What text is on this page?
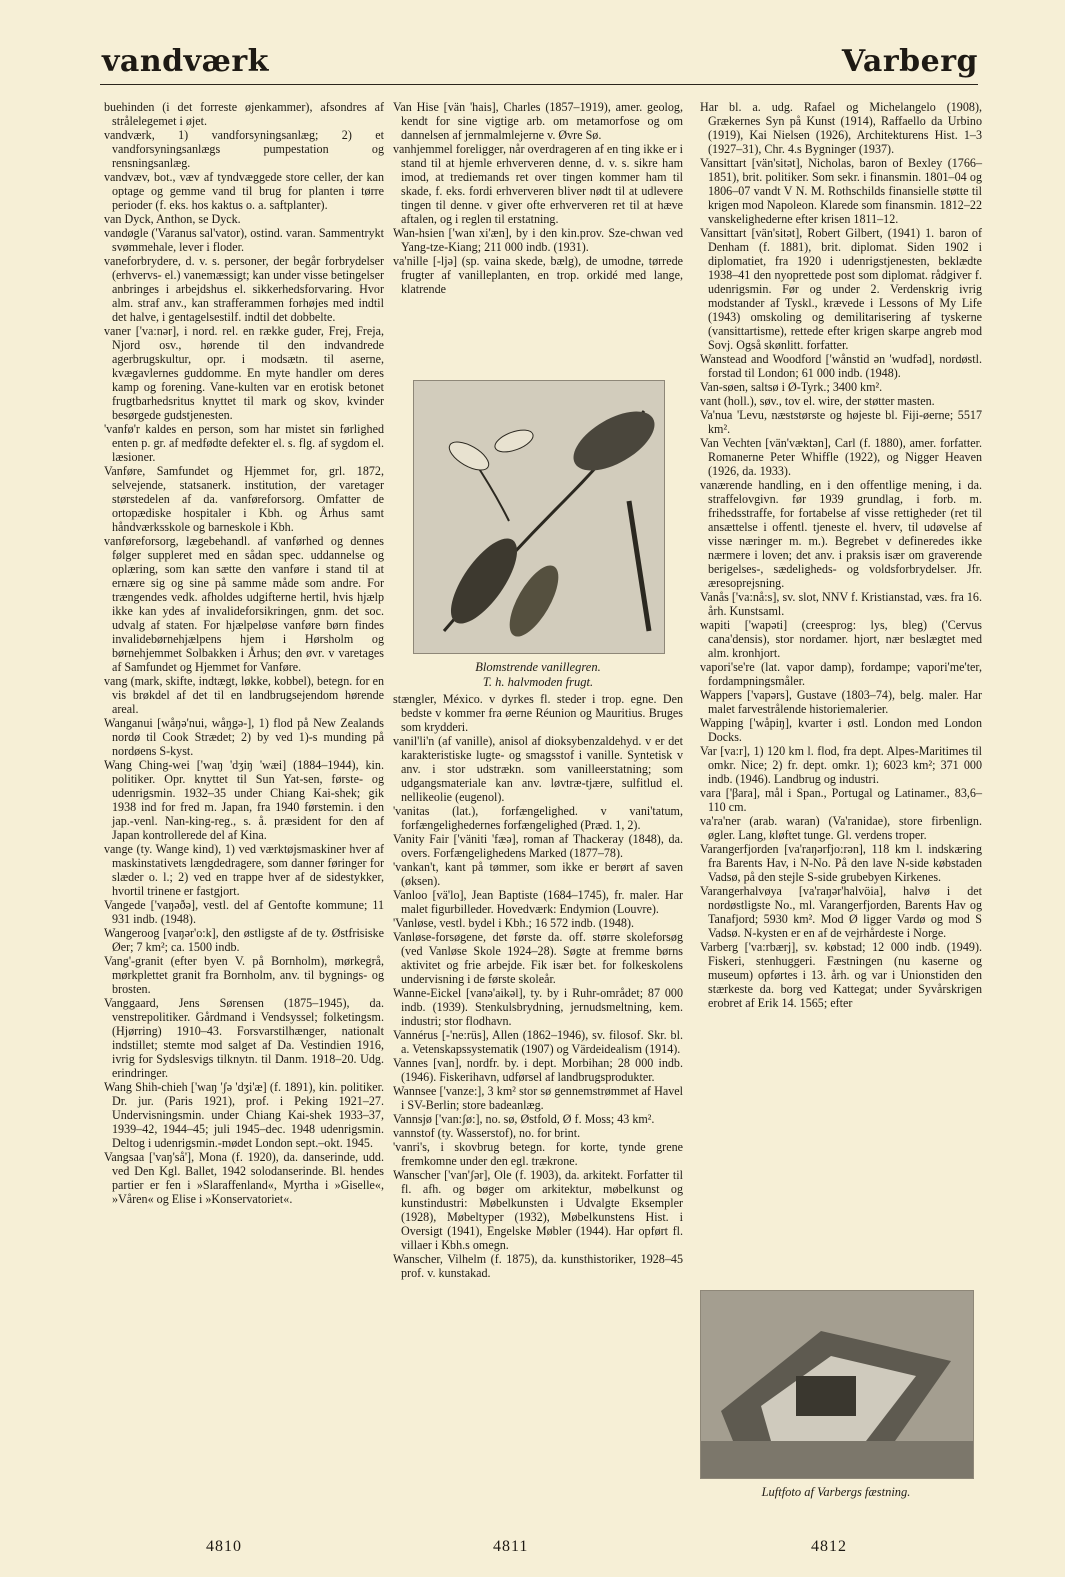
vandværk	Varberg

buehinden (i det forreste øjenkammer), afsondres af strålelegemet i øjet.

vandværk, 1) vandforsyningsanlæg; 2) et vandforsyningsanlægs pumpestation og rensningsanlæg.

vandvæv, bot., væv af tyndvæggede store celler, der kan optage og gemme vand til brug for planten i tørre perioder (f. eks. hos kaktus o. a. saftplanter).

van Dyck, Anthon, se Dyck.

vandøgle ('Varanus sal'vator), ostind. varan. Sammentrykt svømmehale, lever i floder.

vaneforbrydere, d. v. s. personer, der begår forbrydelser (erhvervs- el.) vanemæssigt; kan under visse betingelser anbringes i arbejdshus el. sikkerhedsforvaring. Hvor alm. straf anv., kan strafferammen forhøjes med indtil det halve, i gentagelsestilf. indtil det dobbelte.

vaner ['va:nər], i nord. rel. en række guder, Frej, Freja, Njord osv., hørende til den indvandrede agerbrugskultur, opr. i modsætn. til aserne, kvægavlernes guddomme. En myte handler om deres kamp og forening. Vane-kulten var en erotisk betonet frugtbarhedsritus knyttet til mark og skov, kvinder besørgede gudstjenesten.

'vanfø'r kaldes en person, som har mistet sin førlighed enten p. gr. af medfødte defekter el. s. flg. af sygdom el. læsioner.

Vanføre, Samfundet og Hjemmet for, grl. 1872, selvejende, statsanerk. institution, der varetager størstedelen af da. vanføreforsorg. Omfatter de ortopædiske hospitaler i Kbh. og Århus samt håndværksskole og barneskole i Kbh.

vanføreforsorg, lægebehandl. af vanførhed og dennes følger suppleret med en sådan spec. uddannelse og oplæring, som kan sætte den vanføre i stand til at ernære sig og sine på samme måde som andre. For trængendes vedk. afholdes udgifterne hertil, hvis hjælp ikke kan ydes af invalideforsikringen, gnm. det soc. udvalg af staten. For hjælpeløse vanføre børn findes invalidebørnehjælpens hjem i Hørsholm og børnehjemmet Solbakken i Århus; den øvr. v varetages af Samfundet og Hjemmet for Vanføre.

vang (mark, skifte, indtægt, løkke, kobbel), betegn. for en vis brøkdel af det til en landbrugsejendom hørende areal.

Wanganui [wåŋə'nui, wåŋgə-], 1) flod på New Zealands nordø til Cook Strædet; 2) by ved 1)-s munding på nordøens S-kyst.

Wang Ching-wei ['waŋ 'dʒiŋ 'wæi] (1884–1944), kin. politiker. Opr. knyttet til Sun Yat-sen, første- og udenrigsmin. 1932–35 under Chiang Kai-shek; gik 1938 ind for fred m. Japan, fra 1940 førstemin. i den jap.-venl. Nan-king-reg., s. å. præsident for den af Japan kontrollerede del af Kina.

vange (ty. Wange kind), 1) ved værktøjsmaskiner hver af maskinstativets længdedragere, som danner føringer for slæder o. l.; 2) ved en trappe hver af de sidestykker, hvortil trinene er fastgjort.

Vangede ['vaŋəðə], vestl. del af Gentofte kommune; 11 931 indb. (1948).

Wangeroog [vaŋər'o:k], den østligste af de ty. Østfrisiske Øer; 7 km²; ca. 1500 indb.

Vang'-granit (efter byen V. på Bornholm), mørkegrå, mørkplettet granit fra Bornholm, anv. til bygnings- og brosten.

Vanggaard, Jens Sørensen (1875–1945), da. venstrepolitiker. Gårdmand i Vendsyssel; folketingsm. (Hjørring) 1910–43. Forsvarstilhænger, nationalt indstillet; stemte mod salget af Da. Vestindien 1916, ivrig for Sydslesvigs tilknytn. til Danm. 1918–20. Udg. erindringer.

Wang Shih-chieh ['waŋ 'ʃə 'dʒi'æ] (f. 1891), kin. politiker. Dr. jur. (Paris 1921), prof. i Peking 1921–27. Undervisningsmin. under Chiang Kai-shek 1933–37, 1939–42, 1944–45; juli 1945–dec. 1948 udenrigsmin. Deltog i udenrigsmin.-mødet London sept.–okt. 1945.

Vangsaa ['vaŋ'så'], Mona (f. 1920), da. danserinde, udd. ved Den Kgl. Ballet, 1942 solodanserinde. Bl. hendes partier er fen i »Slaraffenland«, Myrtha i »Giselle«, »Våren« og Elise i »Konservatoriet«.

Van Hise [vän 'hais], Charles (1857–1919), amer. geolog, kendt for sine vigtige arb. om metamorfose og om dannelsen af jernmalmlejerne v. Øvre Sø.

vanhjemmel foreligger, når overdrageren af en ting ikke er i stand til at hjemle erhververen denne, d. v. s. sikre ham imod, at trediemands ret over tingen kommer ham til skade, f. eks. fordi erhververen bliver nødt til at udlevere tingen til denne. v giver ofte erhververen ret til at hæve aftalen, og i reglen til erstatning.

Wan-hsien ['wan xi'æn], by i den kin.prov. Sze-chwan ved Yang-tze-Kiang; 211 000 indb. (1931).

va'nille [-ljə] (sp. vaina skede, bælg), de umodne, tørrede frugter af vanilleplanten, en trop. orkidé med lange, klatrende

stængler, México. v dyrkes fl. steder i trop. egne. Den bedste v kommer fra øerne Réunion og Mauritius. Bruges som krydderi.

vanil'li'n (af vanille), anisol af dioksybenzaldehyd. v er det karakteristiske lugte- og smagsstof i vanille. Syntetisk v anv. i stor udstrækn. som vanilleerstatning; som udgangsmateriale kan anv. løvtræ-tjære, sulfitlud el. nellikeolie (eugenol).

'vanitas (lat.), forfængelighed. v vani'tatum, forfængelighedernes forfængelighed (Præd. 1, 2).

Vanity Fair ['väniti 'fæə], roman af Thackeray (1848), da. overs. Forfængelighedens Marked (1877–78).

'vankan't, kant på tømmer, som ikke er berørt af saven (øksen).

Vanloo [vä'lo], Jean Baptiste (1684–1745), fr. maler. Har malet figurbilleder. Hovedværk: Endymion (Louvre).

'Vanløse, vestl. bydel i Kbh.; 16 572 indb. (1948).

Vanløse-forsøgene, det første da. off. større skoleforsøg (ved Vanløse Skole 1924–28). Søgte at fremme børns aktivitet og frie arbejde. Fik især bet. for folkeskolens undervisning i de første skoleår.

Wanne-Eickel [vanə'aikəl], ty. by i Ruhr-området; 87 000 indb. (1939). Stenkulsbrydning, jernudsmeltning, kem. industri; stor flodhavn.

Vannérus [-'ne:rüs], Allen (1862–1946), sv. filosof. Skr. bl. a. Vetenskapssystematik (1907) og Värdeidealism (1914).

Vannes [van], nordfr. by. i dept. Morbihan; 28 000 indb. (1946). Fiskerihavn, udførsel af landbrugsprodukter.

Wannsee ['vanze:], 3 km² stor sø gennemstrømmet af Havel i SV-Berlin; store badeanlæg.

Vannsjø ['van:ʃø:], no. sø, Østfold, Ø f. Moss; 43 km².

vannstof (ty. Wasserstof), no. for brint.

'vanri's, i skovbrug betegn. for korte, tynde grene fremkomne under den egl. trækrone.

Wanscher ['van'ʃər], Ole (f. 1903), da. arkitekt. Forfatter til fl. afh. og bøger om arkitektur, møbelkunst og kunstindustri: Møbelkunsten i Udvalgte Eksempler (1928), Møbeltyper (1932), Møbelkunstens Hist. i Oversigt (1941), Engelske Møbler (1944). Har opført fl. villaer i Kbh.s omegn.

Wanscher, Vilhelm (f. 1875), da. kunsthistoriker, 1928–45 prof. v. kunstakad.

Har bl. a. udg. Rafael og Michelangelo (1908), Grækernes Syn på Kunst (1914), Raffaello da Urbino (1919), Kai Nielsen (1926), Architekturens Hist. 1–3 (1927–31), Chr. 4.s Bygninger (1937).

Vansittart [vän'sitət], Nicholas, baron of Bexley (1766–1851), brit. politiker. Som sekr. i finansmin. 1801–04 og 1806–07 vandt V N. M. Rothschilds finansielle støtte til krigen mod Napoleon. Klarede som finansmin. 1812–22 vanskelighederne efter krisen 1811–12.

Vansittart [vän'sitət], Robert Gilbert, (1941) 1. baron of Denham (f. 1881), brit. diplomat. Siden 1902 i diplomatiet, fra 1920 i udenrigstjenesten, beklædte 1938–41 den nyoprettede post som diplomat. rådgiver f. udenrigsmin. Før og under 2. Verdenskrig ivrig modstander af Tyskl., krævede i Lessons of My Life (1943) omskoling og demilitarisering af tyskerne (vansittartisme), rettede efter krigen skarpe angreb mod Sovj. Også skønlitt. forfatter.

Wanstead and Woodford ['wånstid ən 'wudfəd], nordøstl. forstad til London; 61 000 indb. (1948).

Van-søen, saltsø i Ø-Tyrk.; 3400 km².

vant (holl.), søv., tov el. wire, der støtter masten.

Va'nua 'Levu, næststørste og højeste bl. Fiji-øerne; 5517 km².

Van Vechten [vän'væktən], Carl (f. 1880), amer. forfatter. Romanerne Peter Whiffle (1922), og Nigger Heaven (1926, da. 1933).

vanærende handling, en i den offentlige mening, i da. straffelovgivn. før 1939 grundlag, i forb. m. frihedsstraffe, for fortabelse af visse rettigheder (ret til ansættelse i offentl. tjeneste el. hverv, til udøvelse af visse næringer m. m.). Begrebet v defineredes ikke nærmere i loven; det anv. i praksis især om graverende berigelses-, sædeligheds- og voldsforbrydelser. Jfr. æresoprejsning.

Vanås ['va:nå:s], sv. slot, NNV f. Kristianstad, væs. fra 16. årh. Kunstsaml.

wapiti ['wapəti] (creesprog: lys, bleg) ('Cervus cana'densis), stor nordamer. hjort, nær beslægtet med alm. kronhjort.

vapori'se're (lat. vapor damp), fordampe; vapori'me'ter, fordampningsmåler.

Wappers ['vapərs], Gustave (1803–74), belg. maler. Har malet farvestrålende historiemalerier.

Wapping ['wåpiŋ], kvarter i østl. London med London Docks.

Var [va:r], 1) 120 km l. flod, fra dept. Alpes-Maritimes til omkr. Nice; 2) fr. dept. omkr. 1); 6023 km²; 371 000 indb. (1946). Landbrug og industri.

vara ['βara], mål i Span., Portugal og Latinamer., 83,6–110 cm.

va'ra'ner (arab. waran) (Va'ranidae), store firbenlign. øgler. Lang, kløftet tunge. Gl. verdens troper.

Varangerfjorden [va'raŋərfjo:rən], 118 km l. indskæring fra Barents Hav, i N-No. På den lave N-side købstaden Vadsø, på den stejle S-side grubebyen Kirkenes.

Varangerhalvøya [va'raŋər'halvöia], halvø i det nordøstligste No., ml. Varangerfjorden, Barents Hav og Tanafjord; 5930 km². Mod Ø ligger Vardø og mod S Vadsø. N-kysten er en af de vejrhårdeste i Norge.

Varberg ['va:rbærj], sv. købstad; 12 000 indb. (1949). Fiskeri, stenhuggeri. Fæstningen (nu kaserne og museum) opførtes i 13. årh. og var i Unionstiden den stærkeste da. borg ved Kattegat; under Syvårskrigen erobret af Erik 14. 1565; efter

Blomstrende vanillegren.
T. h. halvmoden frugt.
Luftfoto af Varbergs fæstning.
4810	4811	4812
